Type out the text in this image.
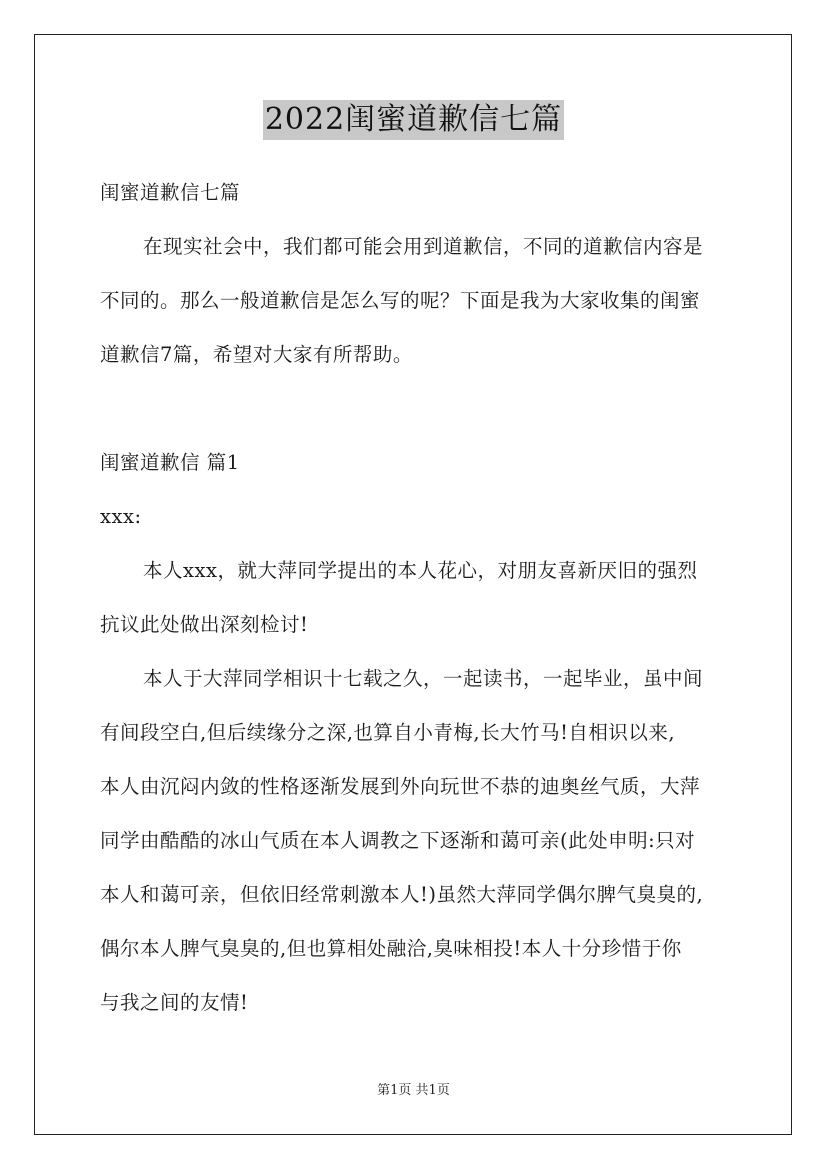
2022闺蜜道歉信七篇
闺蜜道歉信七篇
在现实社会中，我们都可能会用到道歉信，不同的道歉信内容是
不同的。那么一般道歉信是怎么写的呢？下面是我为大家收集的闺蜜
道歉信7篇，希望对大家有所帮助。
闺蜜道歉信 篇1
xxx:
本人xxx，就大萍同学提出的本人花心，对朋友喜新厌旧的强烈
抗议此处做出深刻检讨!
本人于大萍同学相识十七载之久，一起读书，一起毕业，虽中间
有间段空白,但后续缘分之深,也算自小青梅,长大竹马!自相识以来,
本人由沉闷内敛的性格逐渐发展到外向玩世不恭的迪奥丝气质，大萍
同学由酷酷的冰山气质在本人调教之下逐渐和蔼可亲(此处申明:只对
本人和蔼可亲，但依旧经常刺激本人!)虽然大萍同学偶尔脾气臭臭的,
偶尔本人脾气臭臭的,但也算相处融洽,臭味相投!本人十分珍惜于你
与我之间的友情!
第1页 共1页
